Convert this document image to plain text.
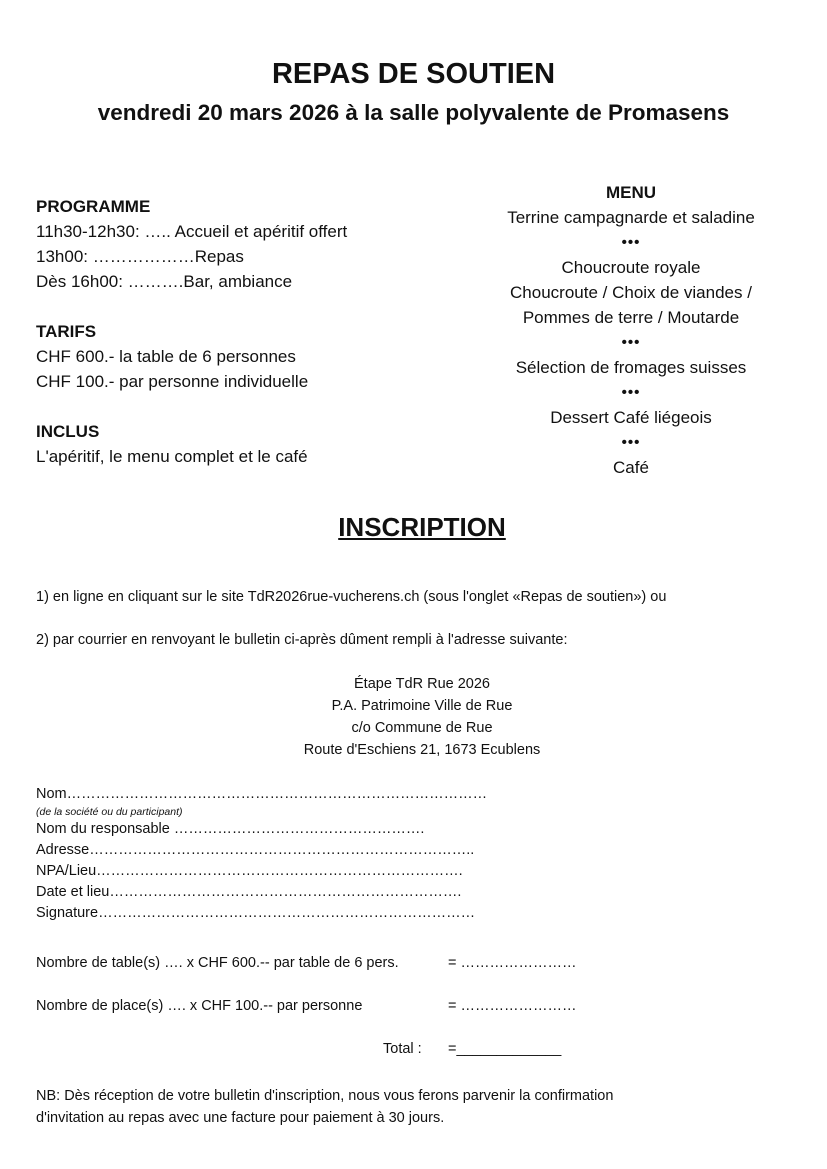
REPAS DE SOUTIEN
vendredi 20 mars 2026 à la salle polyvalente de Promasens
PROGRAMME
11h30-12h30: ….. Accueil et apéritif offert
13h00: ………………Repas
Dès 16h00: ……….Bar, ambiance
TARIFS
CHF 600.- la table de 6 personnes
CHF 100.- par personne individuelle
INCLUS
L'apéritif, le menu complet et le café
MENU
Terrine campagnarde et saladine
•••
Choucroute royale
Choucroute / Choix de viandes /
Pommes de terre / Moutarde
•••
Sélection de fromages suisses
•••
Dessert Café liégeois
•••
Café
INSCRIPTION
1) en ligne en cliquant sur le site TdR2026rue-vucherens.ch (sous l'onglet «Repas de soutien») ou
2) par courrier en renvoyant le bulletin ci-après dûment rempli à l'adresse suivante:
Étape TdR Rue 2026
P.A. Patrimoine Ville de Rue
c/o Commune de Rue
Route d'Eschiens 21, 1673 Ecublens
Nom……………………………………………………………………………
(de la société ou du participant)
Nom du responsable …………………………………………….
Adresse……………………………………………………………………..
NPA/Lieu………………………………………………………………….
Date et lieu……………………………………………………………….
Signature……………………………………………………………………
Nombre de table(s) …. x CHF 600.-- par table de 6 pers.	= ……………………
Nombre de place(s) …. x CHF 100.-- par personne	= ……………………
Total : =_____________
NB: Dès réception de votre bulletin d'inscription, nous vous ferons parvenir la confirmation
d'invitation au repas avec une facture pour paiement à 30 jours.
